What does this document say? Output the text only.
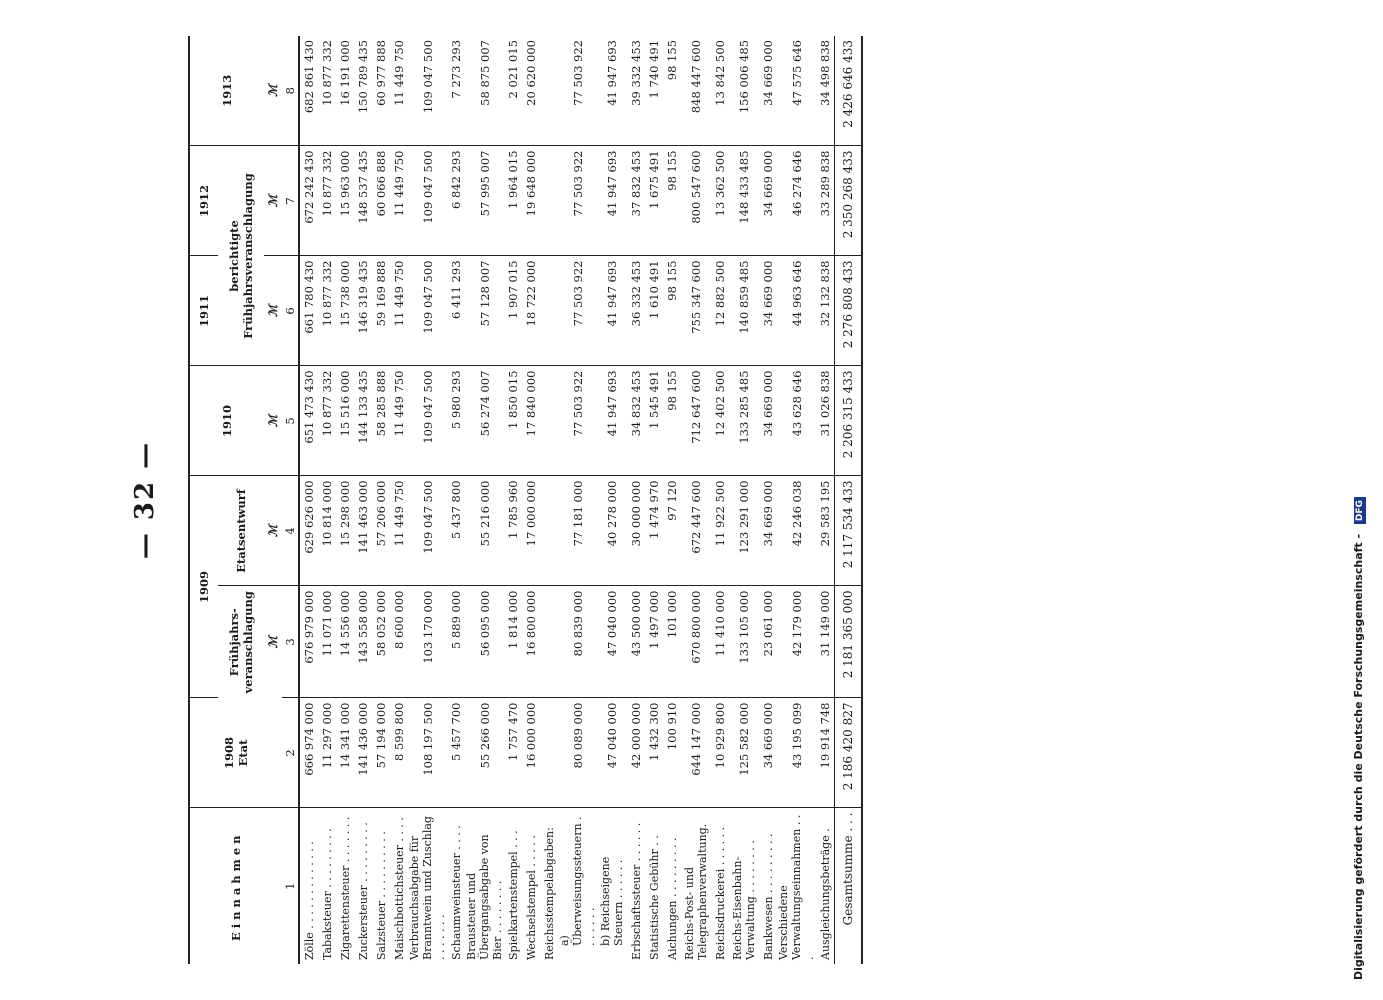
— 32 —
Einnahmen	1908 Etat	1909		1910	1911	1912	1913
		Frühjahrs-veranschlagung	Etatsentwurf		berichtigte Frühjahrsveranschlagung		
		ℳ	ℳ	ℳ	ℳ	ℳ	ℳ
1	2	3	4	5	6	7	8
Zölle . . . . . . . . . . . . .	666 974 000	676 979 000	629 626 000	651 473 430	661 780 430	672 242 430	682 861 430
Tabaksteuer . . . . . . . . .	11 297 000	11 071 000	10 814 000	10 877 332	10 877 332	10 877 332	10 877 332
Zigarettensteuer . . . . . . .	14 341 000	14 556 000	15 298 000	15 516 000	15 738 000	15 963 000	16 191 000
Zuckersteuer . . . . . . . . .	141 436 000	143 558 000	141 463 000	144 133 435	146 319 435	148 537 435	150 789 435
Salzsteuer . . . . . . . . . .	57 194 000	58 052 000	57 206 000	58 285 888	59 169 888	60 066 888	60 977 888
Maischbottichsteuer . . . .	8 599 800	8 600 000	11 449 750	11 449 750	11 449 750	11 449 750	11 449 750
Verbrauchsabgabe für Branntwein und Zuschlag . . . . . . .	108 197 500	103 170 000	109 047 500	109 047 500	109 047 500	109 047 500	109 047 500
Schaumweinsteuer . . . .	5 457 700	5 889 000	5 437 800	5 980 293	6 411 293	6 842 293	7 273 293
Brausteuer und Übergangsabgabe von Bier . . . . . . . .	55 266 000	56 095 000	55 216 000	56 274 007	57 128 007	57 995 007	58 875 007
Spielkartenstempel . . .	1 757 470	1 814 000	1 785 960	1 850 015	1 907 015	1 964 015	2 021 015
Wechselstempel . . . . .	16 000 000	16 800 000	17 000 000	17 840 000	18 722 000	19 648 000	20 620 000
Reichsstempelabgaben:							
a) Überweisungssteuern . . . . . . .	80 089 000	80 839 000	77 181 000	77 503 922	77 503 922	77 503 922	77 503 922
b) Reichseigene Steuern . . . . . .	47 040 000	47 040 000	40 278 000	41 947 693	41 947 693	41 947 693	41 947 693
Erbschaftssteuer . . . . . .	42 000 000	43 500 000	30 000 000	34 832 453	36 332 453	37 832 453	39 332 453
Statistische Gebühr . .	1 432 300	1 497 000	1 474 970	1 545 491	1 610 491	1 675 491	1 740 491
Aichungen . . . . . . . . .	100 910	101 000	97 120	98 155	98 155	98 155	98 155
Reichs-Post- und Telegraphenverwaltung.	644 147 000	670 800 000	672 447 600	712 647 600	755 347 600	800 547 600	848 447 600
Reichsdruckerei . . . . . .	10 929 800	11 410 000	11 922 500	12 402 500	12 882 500	13 362 500	13 842 500
Reichs-Eisenbahn-Verwaltung . . . . . . . .	125 582 000	133 105 000	123 291 000	133 285 485	140 859 485	148 433 485	156 006 485
Bankwesen . . . . . . . . .	34 669 000	23 061 000	34 669 000	34 669 000	34 669 000	34 669 000	34 669 000
Verschiedene Verwaltungseinnahmen . . .	43 195 099	42 179 000	42 246 038	43 628 646	44 963 646	46 274 646	47 575 646
Ausgleichungsbeträge .	19 914 748	31 149 000	29 583 195	31 026 838	32 132 838	33 289 838	34 498 838
Gesamtsumme . . .	2 186 420 827	2 181 365 000	2 117 534 433	2 206 315 433	2 276 808 433	2 350 268 433	2 426 646 433
Digitalisierung gefördert durch die Deutsche Forschungsgemeinschaft - DFG
